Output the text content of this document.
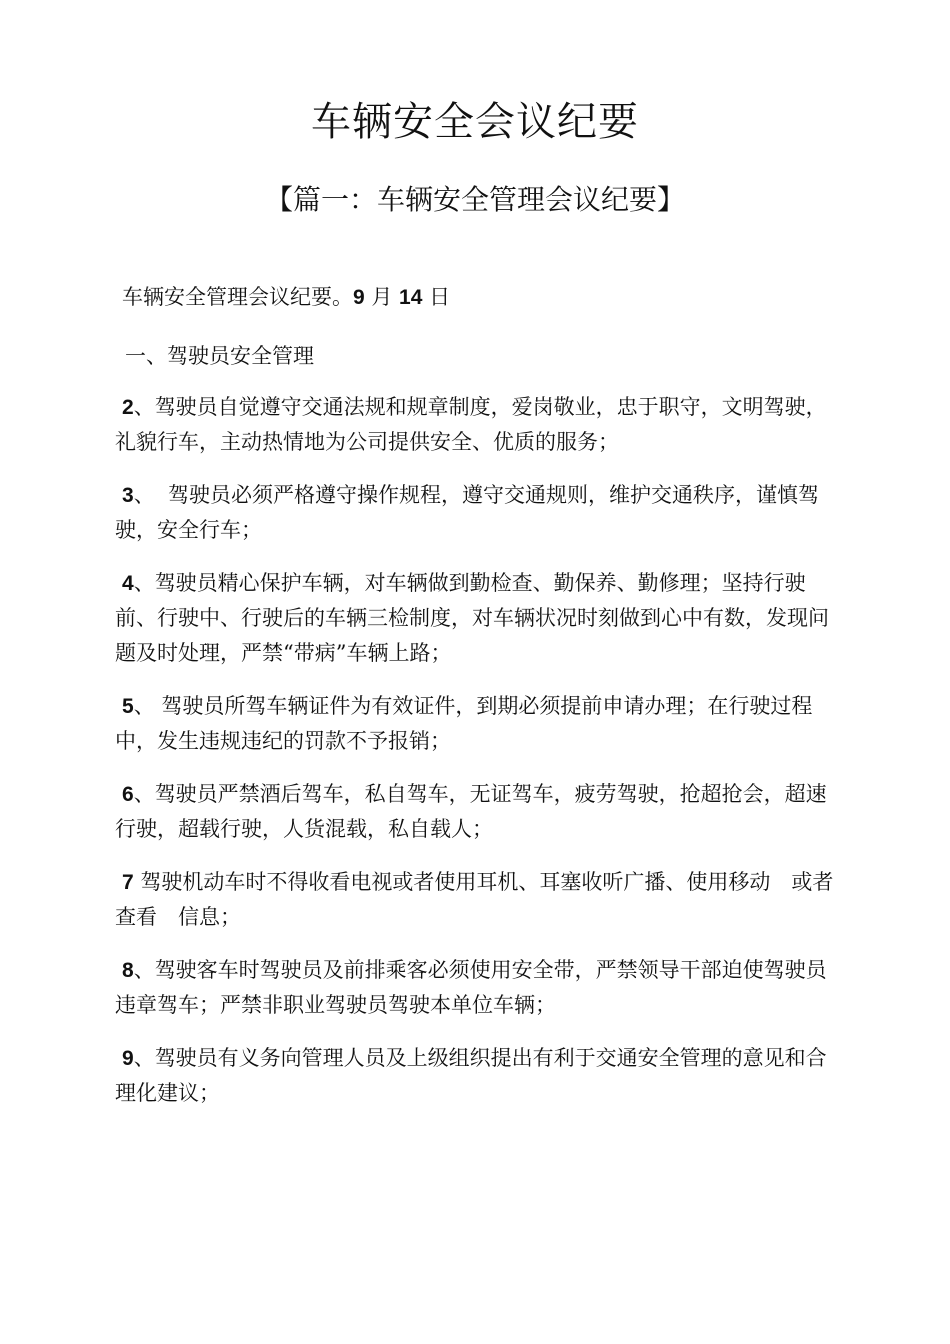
车辆安全会议纪要
【篇一：车辆安全管理会议纪要】

车辆安全管理会议纪要。9 月 14 日

一、驾驶员安全管理

2、驾驶员自觉遵守交通法规和规章制度，爱岗敬业，忠于职守，文明驾驶，礼貌行车，主动热情地为公司提供安全、优质的服务；

3、  驾驶员必须严格遵守操作规程，遵守交通规则，维护交通秩序，谨慎驾驶，安全行车；

4、驾驶员精心保护车辆，对车辆做到勤检查、勤保养、勤修理；坚持行驶前、行驶中、行驶后的车辆三检制度，对车辆状况时刻做到心中有数，发现问题及时处理，严禁“带病”车辆上路；

5、 驾驶员所驾车辆证件为有效证件，到期必须提前申请办理；在行驶过程中，发生违规违纪的罚款不予报销；

6、驾驶员严禁酒后驾车，私自驾车，无证驾车，疲劳驾驶，抢超抢会，超速行驶，超载行驶，人货混载，私自载人；

7 驾驶机动车时不得收看电视或者使用耳机、耳塞收听广播、使用移动　或者查看　信息；

8、驾驶客车时驾驶员及前排乘客必须使用安全带，严禁领导干部迫使驾驶员违章驾车；严禁非职业驾驶员驾驶本单位车辆；

9、驾驶员有义务向管理人员及上级组织提出有利于交通安全管理的意见和合理化建议；
